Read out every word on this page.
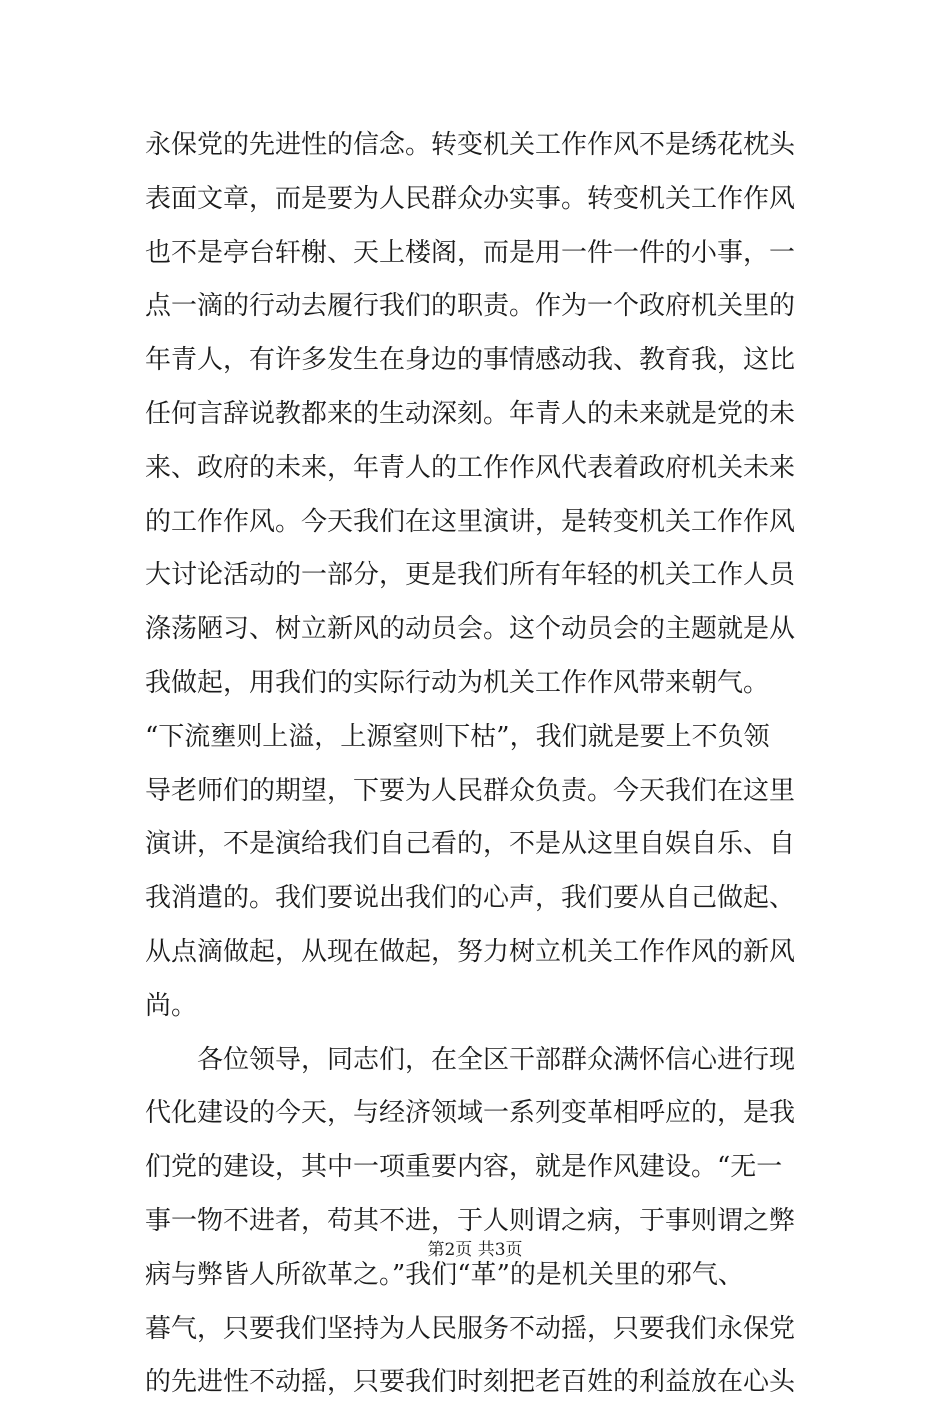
永保党的先进性的信念。转变机关工作作风不是绣花枕头
表面文章，而是要为人民群众办实事。转变机关工作作风
也不是亭台轩榭、天上楼阁，而是用一件一件的小事，一
点一滴的行动去履行我们的职责。作为一个政府机关里的
年青人，有许多发生在身边的事情感动我、教育我，这比
任何言辞说教都来的生动深刻。年青人的未来就是党的未
来、政府的未来，年青人的工作作风代表着政府机关未来
的工作作风。今天我们在这里演讲，是转变机关工作作风
大讨论活动的一部分，更是我们所有年轻的机关工作人员
涤荡陋习、树立新风的动员会。这个动员会的主题就是从
我做起，用我们的实际行动为机关工作作风带来朝气。
“下流壅则上溢，上源窒则下枯”，我们就是要上不负领
导老师们的期望，下要为人民群众负责。今天我们在这里
演讲，不是演给我们自己看的，不是从这里自娱自乐、自
我消遣的。我们要说出我们的心声，我们要从自己做起、
从点滴做起，从现在做起，努力树立机关工作作风的新风
尚。
　　各位领导，同志们，在全区干部群众满怀信心进行现
代化建设的今天，与经济领域一系列变革相呼应的，是我
们党的建设，其中一项重要内容，就是作风建设。“无一
事一物不进者，苟其不进，于人则谓之病，于事则谓之弊
病与弊皆人所欲革之。”我们“革”的是机关里的邪气、
暮气，只要我们坚持为人民服务不动摇，只要我们永保党
的先进性不动摇，只要我们时刻把老百姓的利益放在心头
第2页 共3页
